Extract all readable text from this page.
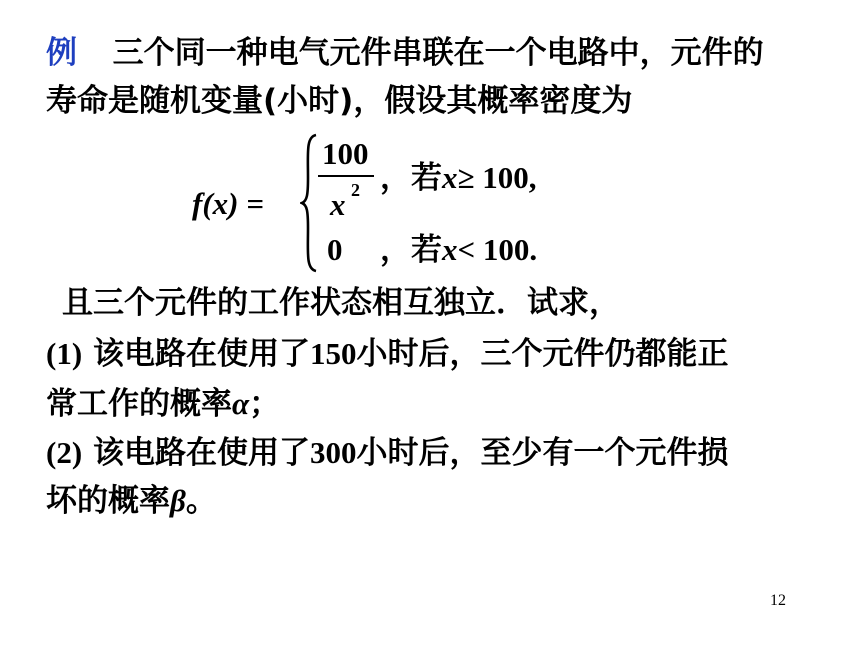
例 三个同一种电气元件串联在一个电路中，元件的
寿命是随机变量(小时)，假设其概率密度为
f(x) =
100
x 2 ，若x≥ 100,
0 ，若x< 100.
且三个元件的工作状态相互独立．试求，
(1) 该电路在使用了150小时后，三个元件仍都能正
常工作的概率α；
(2) 该电路在使用了300小时后，至少有一个元件损
坏的概率β。
12
